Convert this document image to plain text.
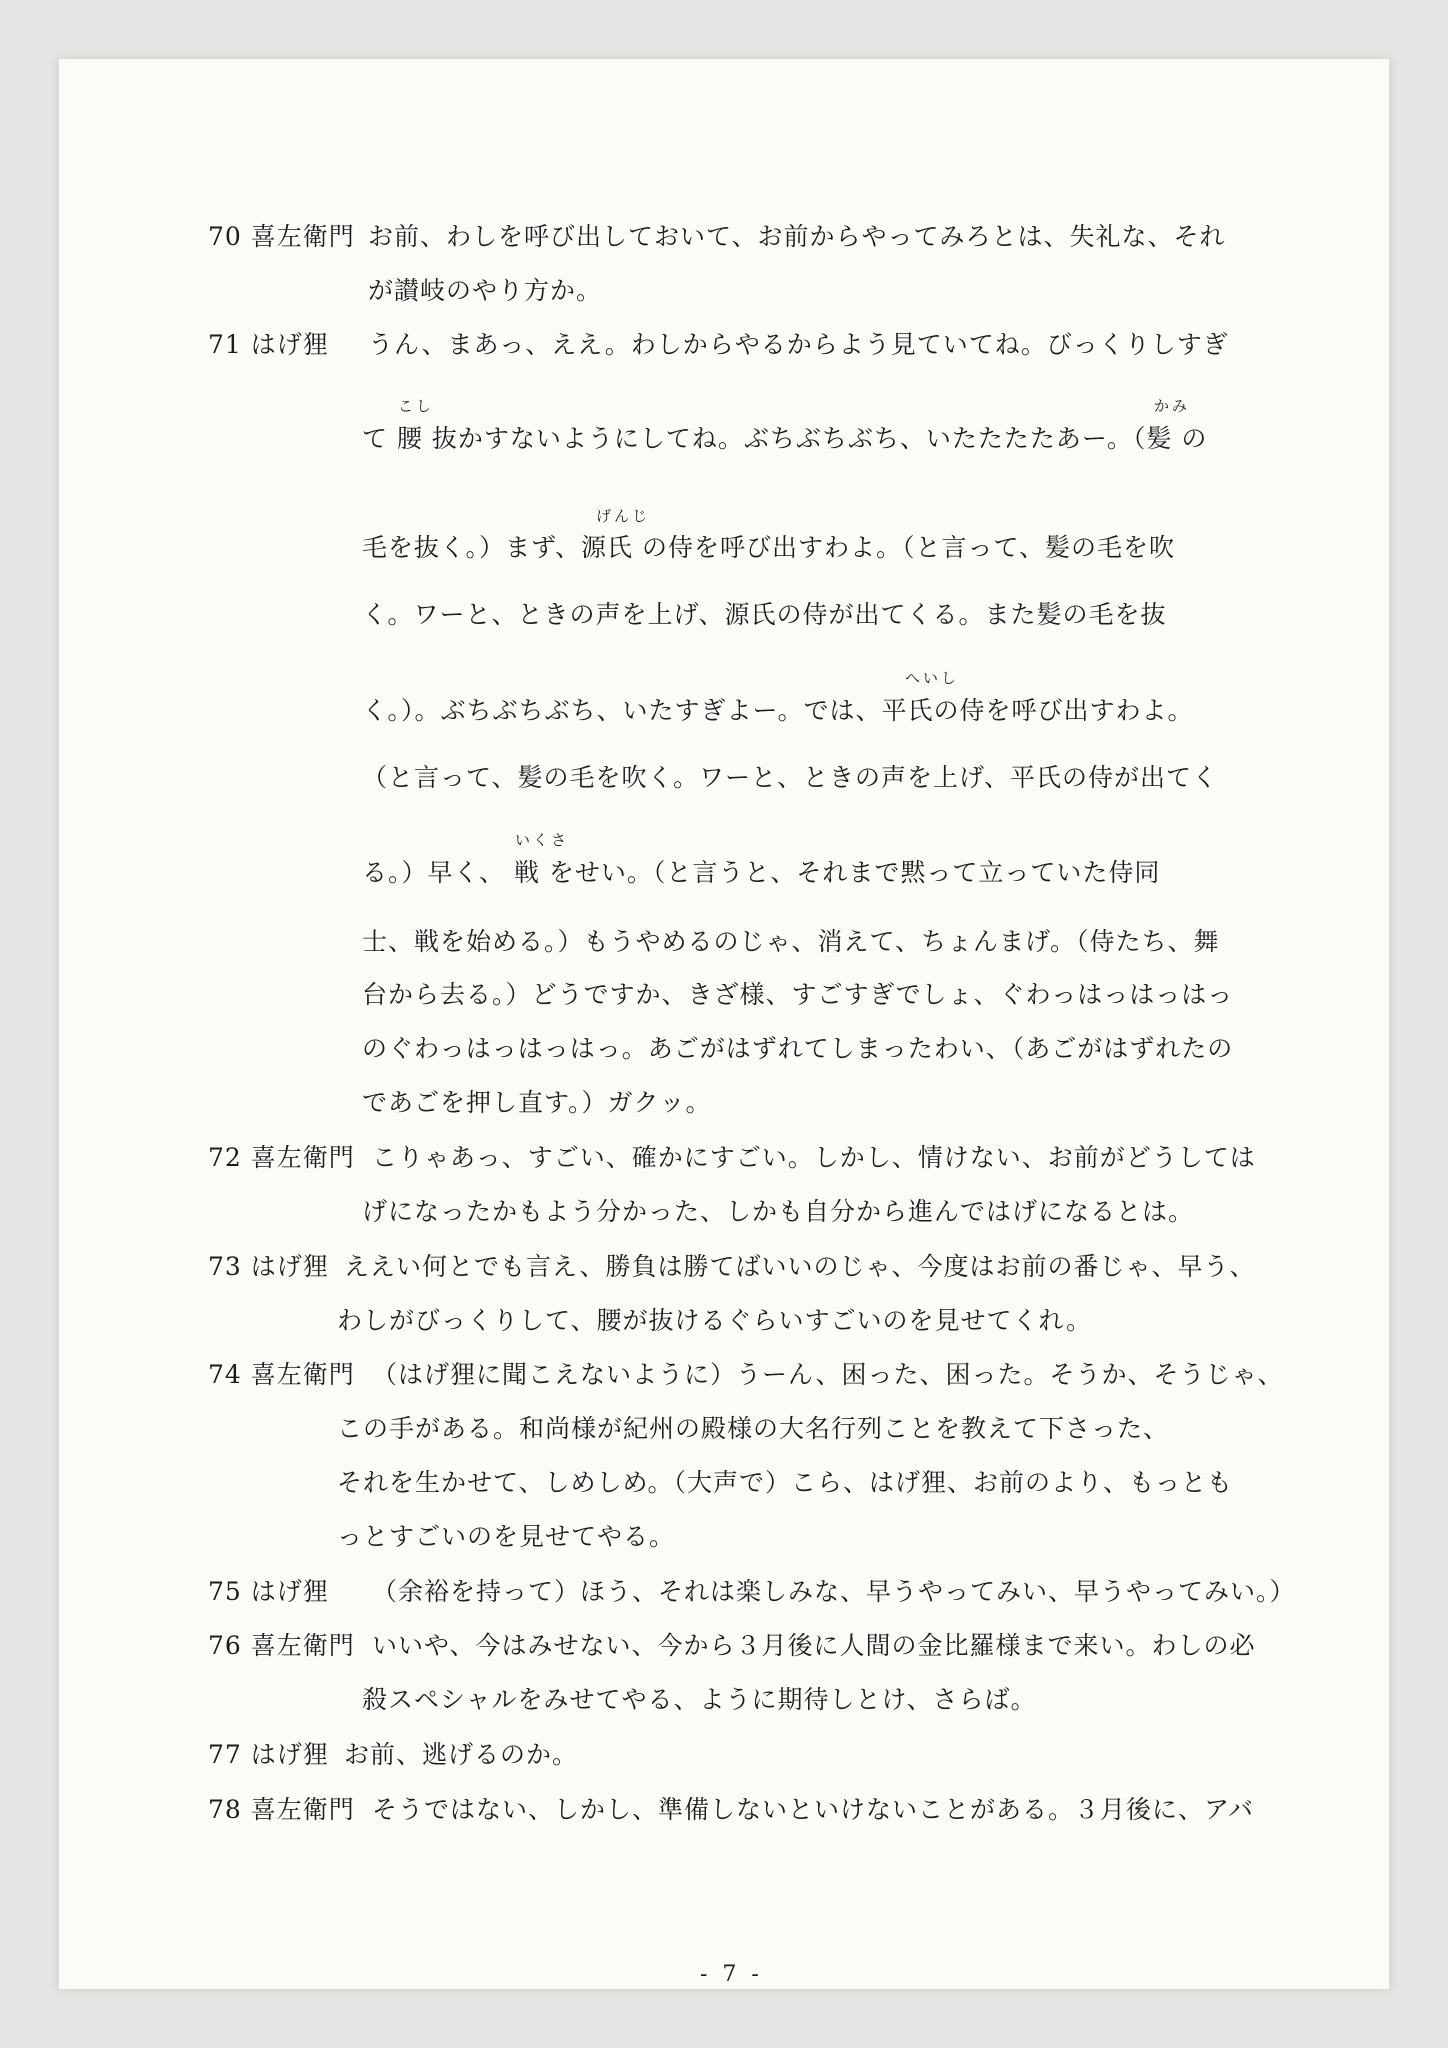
70 喜左衛門 お前、わしを呼び出しておいて、お前からやってみろとは、失礼な、それ
が讃岐のやり方か。
71 はげ狸 うん、まあっ、ええ。わしからやるからよう見ていてね。びっくりしすぎ
こし	かみ
て 腰 抜かすないようにしてね。ぶちぶちぶち、いたたたたあー。（髪 の
げんじ
毛を抜く。）まず、源氏 の侍を呼び出すわよ。（と言って、髪の毛を吹
く。ワーと、ときの声を上げ、源氏の侍が出てくる。また髪の毛を抜
へいし
く。）。ぶちぶちぶち、いたすぎよー。では、平氏の侍を呼び出すわよ。
（と言って、髪の毛を吹く。ワーと、ときの声を上げ、平氏の侍が出てく
いくさ
る。）早く、 戦 をせい。（と言うと、それまで黙って立っていた侍同
士、戦を始める。）もうやめるのじゃ、消えて、ちょんまげ。（侍たち、舞
台から去る。）どうですか、きざ様、すごすぎでしょ、ぐわっはっはっはっ
のぐわっはっはっはっ。あごがはずれてしまったわい、（あごがはずれたの
であごを押し直す。）ガクッ。
72 喜左衛門 こりゃあっ、すごい、確かにすごい。しかし、情けない、お前がどうしては
げになったかもよう分かった、しかも自分から進んではげになるとは。
73 はげ狸 ええい何とでも言え、勝負は勝てばいいのじゃ、今度はお前の番じゃ、早う、
わしがびっくりして、腰が抜けるぐらいすごいのを見せてくれ。
74 喜左衛門 （はげ狸に聞こえないように）うーん、困った、困った。そうか、そうじゃ、
この手がある。和尚様が紀州の殿様の大名行列ことを教えて下さった、
それを生かせて、しめしめ。（大声で）こら、はげ狸、お前のより、もっとも
っとすごいのを見せてやる。
75 はげ狸 （余裕を持って）ほう、それは楽しみな、早うやってみい、早うやってみい。）
76 喜左衛門 いいや、今はみせない、今から３月後に人間の金比羅様まで来い。わしの必
殺スペシャルをみせてやる、ように期待しとけ、さらば。
77 はげ狸 お前、逃げるのか。
78 喜左衛門 そうではない、しかし、準備しないといけないことがある。３月後に、アバ
- 7 -
